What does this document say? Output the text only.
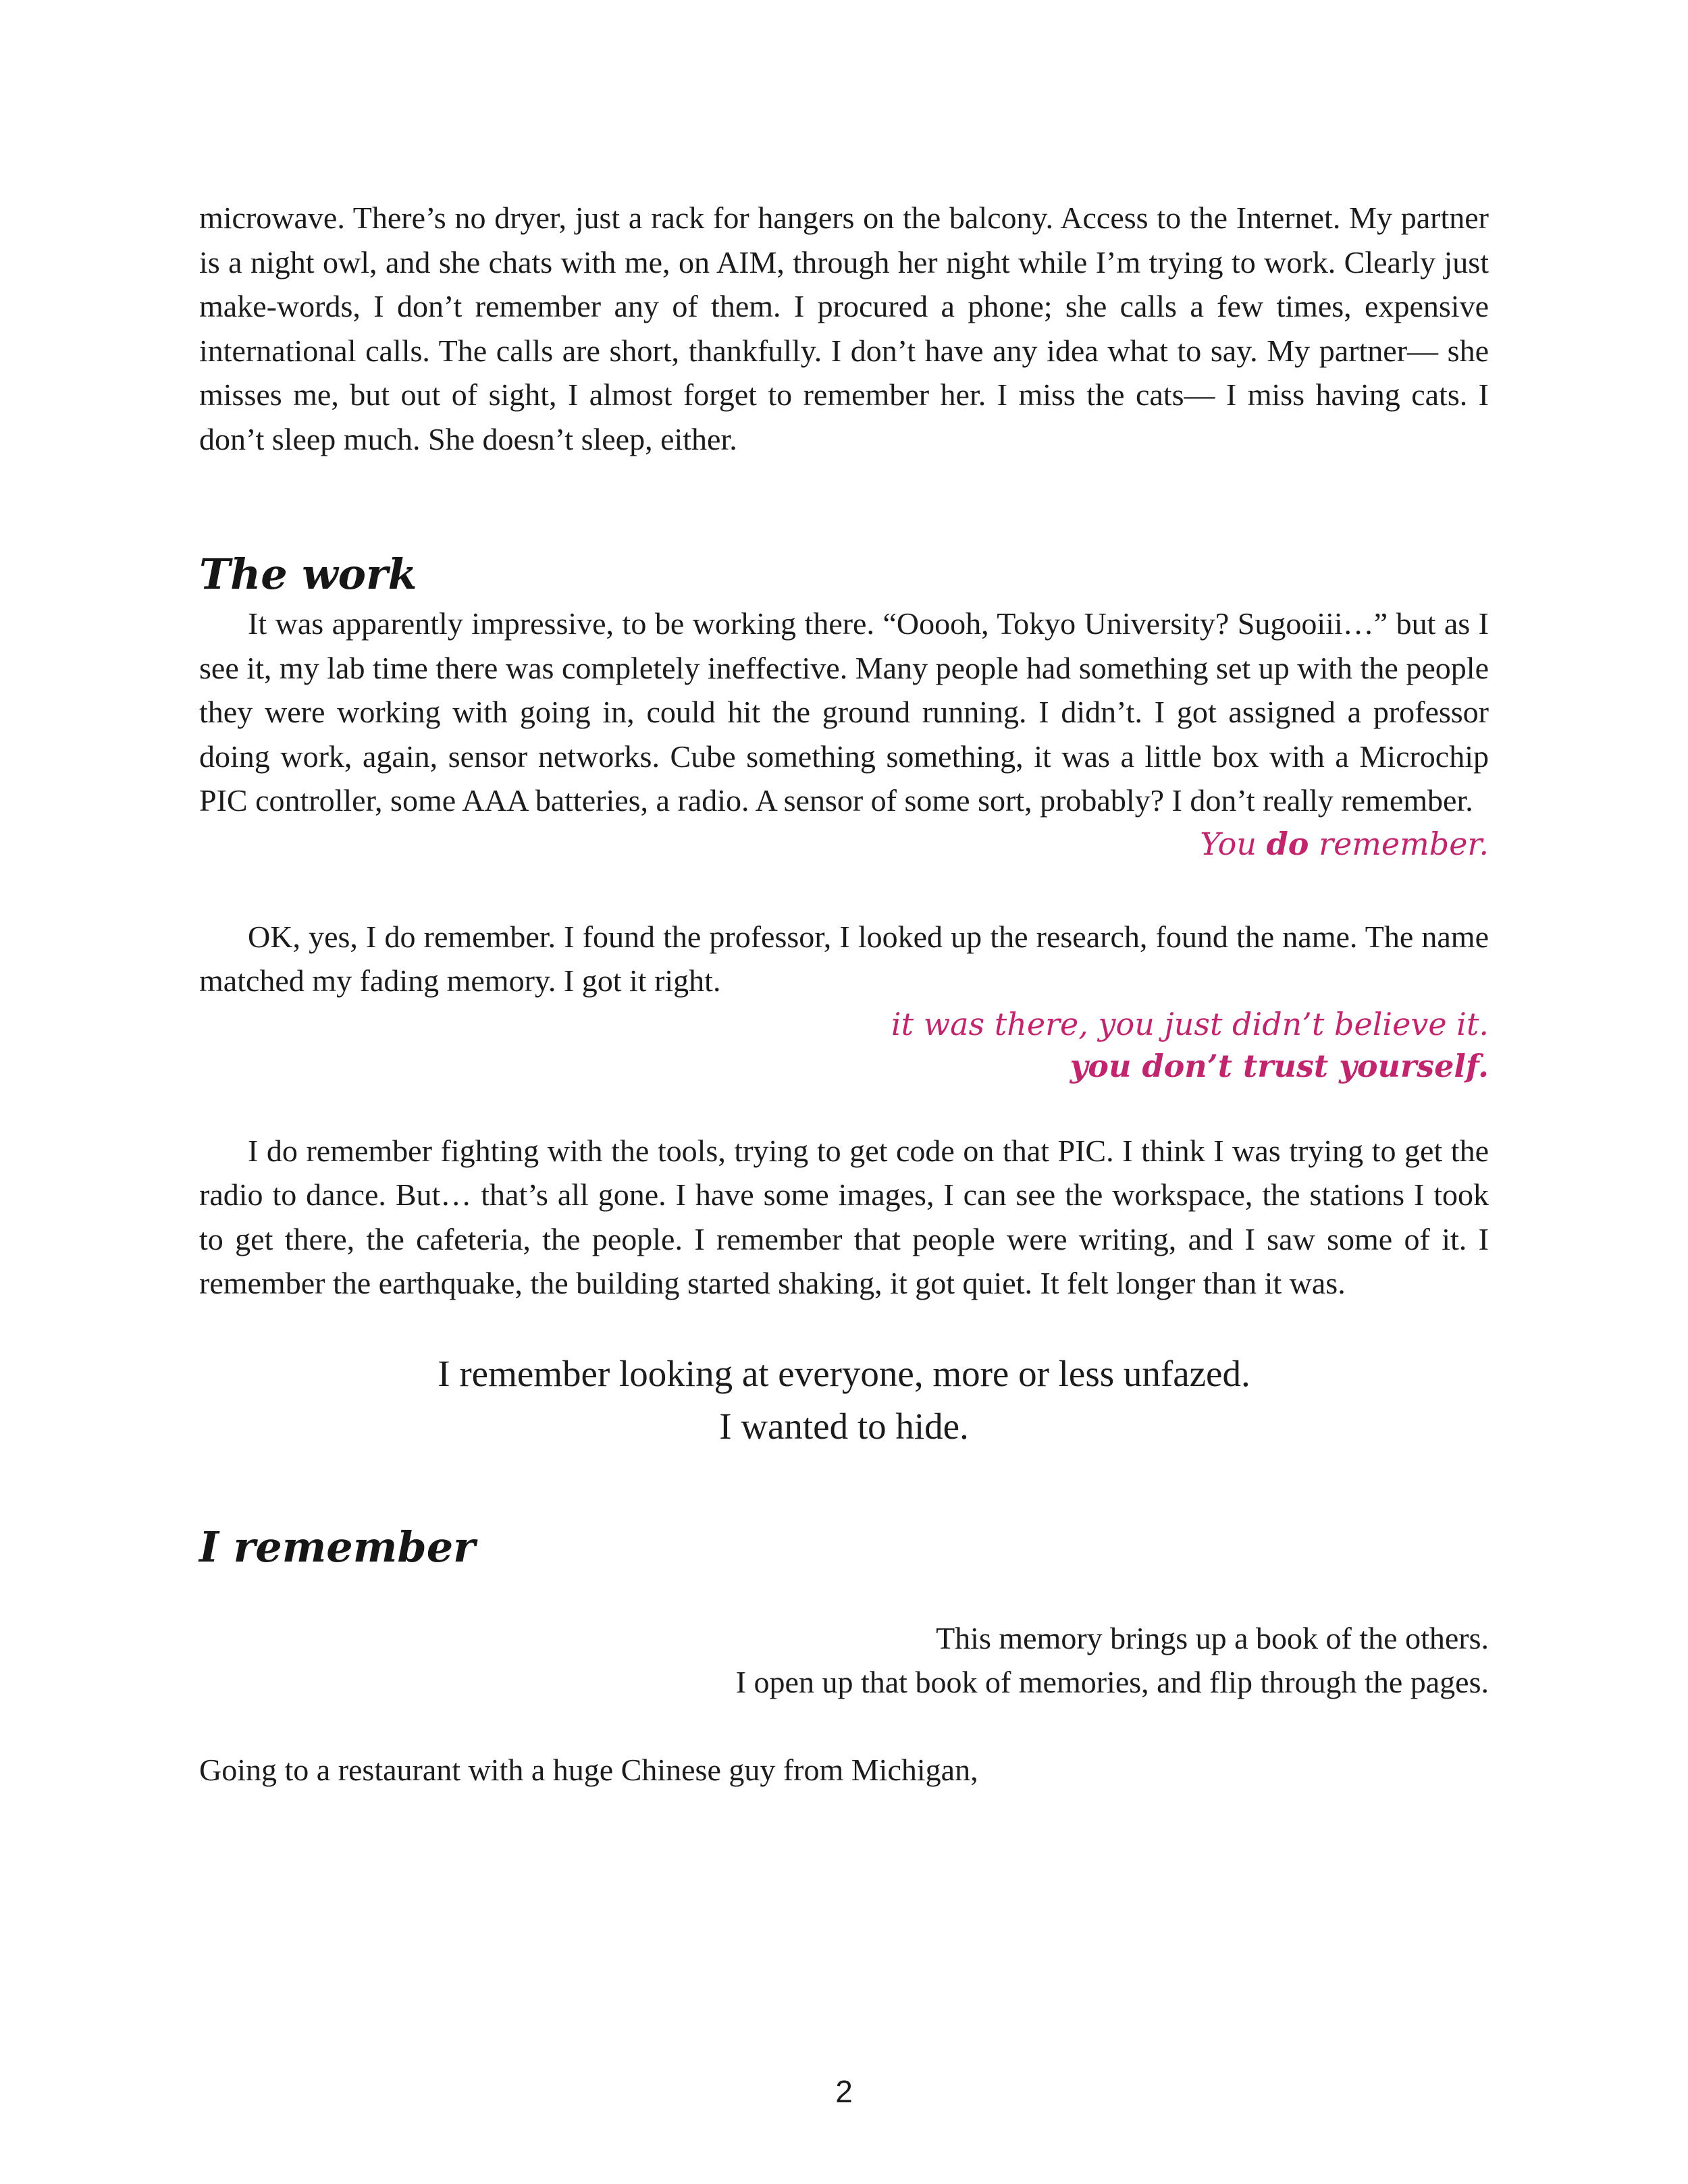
microwave. There’s no dryer, just a rack for hangers on the balcony. Access to the Internet. My partner is a night owl, and she chats with me, on AIM, through her night while I’m trying to work. Clearly just make-words, I don’t remember any of them. I procured a phone; she calls a few times, expensive international calls. The calls are short, thankfully. I don’t have any idea what to say. My partner— she misses me, but out of sight, I almost forget to remember her. I miss the cats— I miss having cats. I don’t sleep much. She doesn’t sleep, either.

The work

It was apparently impressive, to be working there. “Ooooh, Tokyo University? Sugooiii…” but as I see it, my lab time there was completely ineffective. Many people had something set up with the people they were working with going in, could hit the ground running. I didn’t. I got assigned a professor doing work, again, sensor networks. Cube something something, it was a little box with a Microchip PIC controller, some AAA batteries, a radio. A sensor of some sort, probably? I don’t really remember.

You do remember.

OK, yes, I do remember. I found the professor, I looked up the research, found the name. The name matched my fading memory. I got it right.

it was there, you just didn’t believe it.

you don’t trust yourself.

I do remember fighting with the tools, trying to get code on that PIC. I think I was trying to get the radio to dance. But… that’s all gone. I have some images, I can see the workspace, the stations I took to get there, the cafeteria, the people. I remember that people were writing, and I saw some of it. I remember the earthquake, the building started shaking, it got quiet. It felt longer than it was.

I remember looking at everyone, more or less unfazed.

I wanted to hide.

I remember

This memory brings up a book of the others.

I open up that book of memories, and flip through the pages.

Going to a restaurant with a huge Chinese guy from Michigan,

2
